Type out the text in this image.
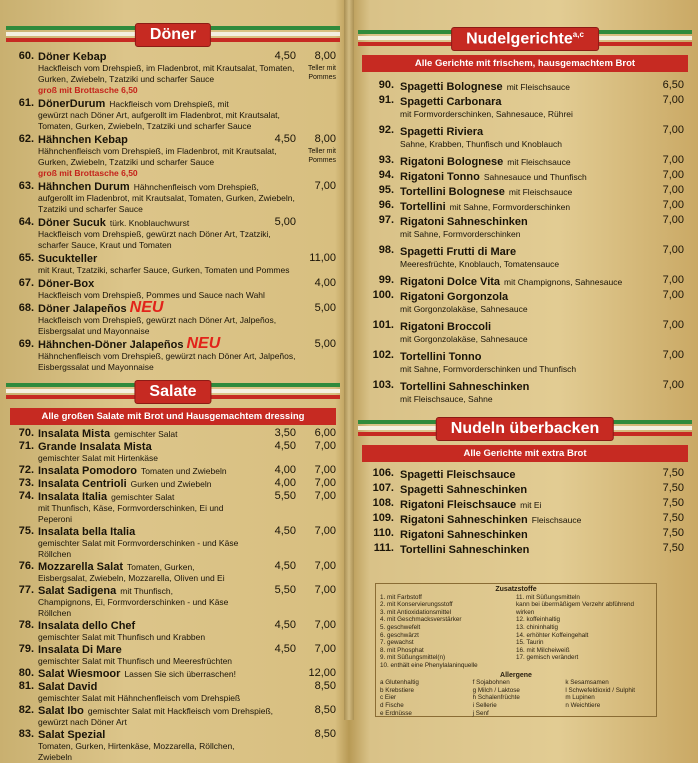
Döner
60. Döner Kebap	4,50	8,00
Hackfleisch vom Drehspieß, im Fladenbrot, mit Krautsalat, Tomaten, Gurken, Zwiebeln, Tzatziki und scharfer Sauce
groß mit Brottasche 6,50
Teller mit Pommes
61. DönerDurum Hackfleisch vom Drehspieß, mit
gewürzt nach Döner Art, aufgerollt im Fladenbrot, mit Krautsalat, Tomaten, Gurken, Zwiebeln, Tzatziki und scharfer Sauce
62. Hähnchen Kebap	4,50	8,00
Hähnchenfleisch vom Drehspieß, im Fladenbrot, mit Krautsalat, Gurken, Zwiebeln, Tzatziki und scharfer Sauce
groß mit Brottasche 6,50
Teller mit Pommes
63. Hähnchen Durum Hähnchenfleisch vom Drehspieß,	7,00
aufgerollt im Fladenbrot, mit Krautsalat, Tomaten, Gurken, Zwiebeln, Tzatziki und scharfer Sauce
64. Döner Sucuk türk. Knoblauchwurst	5,00
Hackfleisch vom Drehspieß, gewürzt nach Döner Art, Tzatziki, scharfer Sauce, Kraut und Tomaten
65. Sucukteller	11,00
mit Kraut, Tzatziki, scharfer Sauce, Gurken, Tomaten und Pommes
67. Döner-Box	4,00
Hackfleisch vom Drehspieß, Pommes und Sauce nach Wahl
68. Döner Jalapeños NEU	5,00
Hackfleisch vom Drehspieß, gewürzt nach Döner Art, Jalpeños, Eisbergsalat und Mayonnaise
69. Hähnchen-Döner Jalapeños NEU	5,00
Hähnchenfleisch vom Drehspieß, gewürzt nach Döner Art, Jalpeños, Eisbergssalat und Mayonnaise
Salate
Alle großen Salate mit Brot und Hausgemachtem dressing
70. Insalata Mista gemischter Salat	3,50	6,00
71. Grande Insalata Mista	4,50	7,00
gemischter Salat mit Hirtenkäse
72. Insalata Pomodoro Tomaten und Zwiebeln	4,00	7,00
73. Insalata Centrioli Gurken und Zwiebeln	4,00	7,00
74. Insalata Italia gemischter Salat	5,50	7,00
mit Thunfisch, Käse, Formvorderschinken, Ei und Peperoni
75. Insalata bella Italia	4,50	7,00
gemischter Salat mit Formvorderschinken - und Käse Röllchen
76. Mozzarella Salat Tomaten, Gurken,	4,50	7,00
Eisbergsalat, Zwiebeln, Mozzarella, Oliven und Ei
77. Salat Sadigena mit Thunfisch,	5,50	7,00
Champignons, Ei, Formvorderschinken - und Käse Röllchen
78. Insalata dello Chef	4,50	7,00
gemischter Salat mit Thunfisch und Krabben
79. Insalata Di Mare	4,50	7,00
gemischter Salat mit Thunfisch und Meeresfrüchten
80. Salat Wiesmoor Lassen Sie sich überraschen!	12,00
81. Salat David	8,50
gemischter Salat mit Hähnchenfleisch vom Drehspieß
82. Salat Ibo gemischter Salat mit Hackfleisch vom Drehspieß,	8,50
gewürzt nach Döner Art
83. Salat Spezial	8,50
Tomaten, Gurken, Hirtenkäse, Mozzarella, Röllchen, Zwiebeln
Nudelgerichte$^{a,c}$
Alle Gerichte mit frischem, hausgemachtem Brot
90. Spagetti Bolognese mit Fleischsauce	6,50
91. Spagetti Carbonara	7,00
mit Formvorderschinken, Sahnesauce, Rührei
92. Spagetti Riviera	7,00
Sahne, Krabben, Thunfisch und Knoblauch
93. Rigatoni Bolognese mit Fleischsauce	7,00
94. Rigatoni Tonno Sahnesauce und Thunfisch	7,00
95. Tortellini Bolognese mit Fleischsauce	7,00
96. Tortellini mit Sahne, Formvorderschinken	7,00
97. Rigatoni Sahneschinken	7,00
mit Sahne, Formvorderschinken
98. Spagetti Frutti di Mare	7,00
Meeresfrüchte, Knoblauch, Tomatensauce
99. Rigatoni Dolce Vita mit Champignons, Sahnesauce	7,00
100. Rigatoni Gorgonzola	7,00
mit Gorgonzolakäse, Sahnesauce
101. Rigatoni Broccoli	7,00
mit Gorgonzolakäse, Sahnesauce
102. Tortellini Tonno	7,00
mit Sahne, Formvorderschinken und Thunfisch
103. Tortellini Sahneschinken	7,00
mit Fleischsauce, Sahne
Nudeln überbacken
Alle Gerichte mit extra Brot
106. Spagetti Fleischsauce	7,50
107. Spagetti Sahneschinken	7,50
108. Rigatoni Fleischsauce mit Ei	7,50
109. Rigatoni Sahneschinken Fleischsauce	7,50
110. Rigatoni Sahneschinken	7,50
111. Tortellini Sahneschinken	7,50
Zusatzstoffe
1. mit Farbstoff
2. mit Konservierungsstoff
3. mit Antioxidationsmittel
4. mit Geschmacksverstärker
5. geschwefelt
6. geschwärzt
7. gewachst
8. mit Phosphat
9. mit Süßungsmittel(n)
10. enthält eine Phenylalaninquelle
11. mit Süßungsmitteln
kann bei übermäßigem Verzehr abführend wirken
12. koffeinhaltig
13. chininhaltig
14. erhöhter Koffeingehalt
15. Taurin
16. mit Milcheiweiß
17. gemisch verändert
Allergene
a Glutenhaltig
b Krebstiere
c Eier
d Fische
e Erdnüsse
f Sojabohnen
g Milch / Laktose
h Schalenfrüchte
i Sellerie
j Senf
k Sesamsamen
l Schwefeldioxid / Sulphit
m Lupinen
n Weichtiere
